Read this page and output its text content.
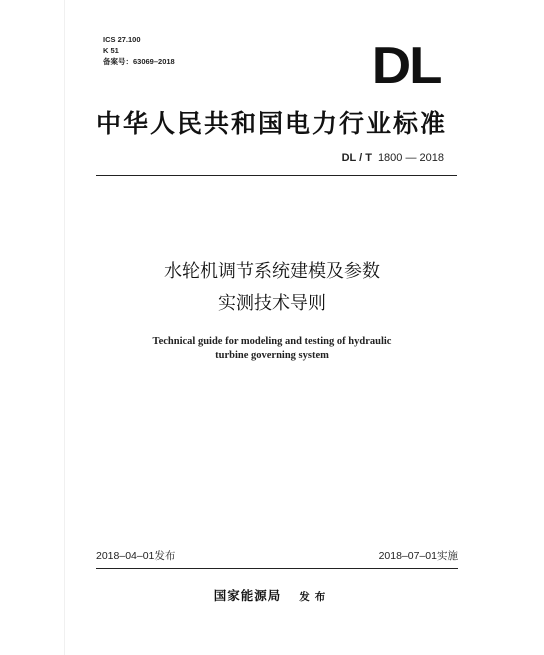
ICS 27.100
K 51
备案号：63069–2018	DL
中华人民共和国电力行业标准
DL / T 1800 — 2018
水轮机调节系统建模及参数
实测技术导则
Technical guide for modeling and testing of hydraulic
turbine governing system
2018–04–01发布	2018–07–01实施
国家能源局 发布
